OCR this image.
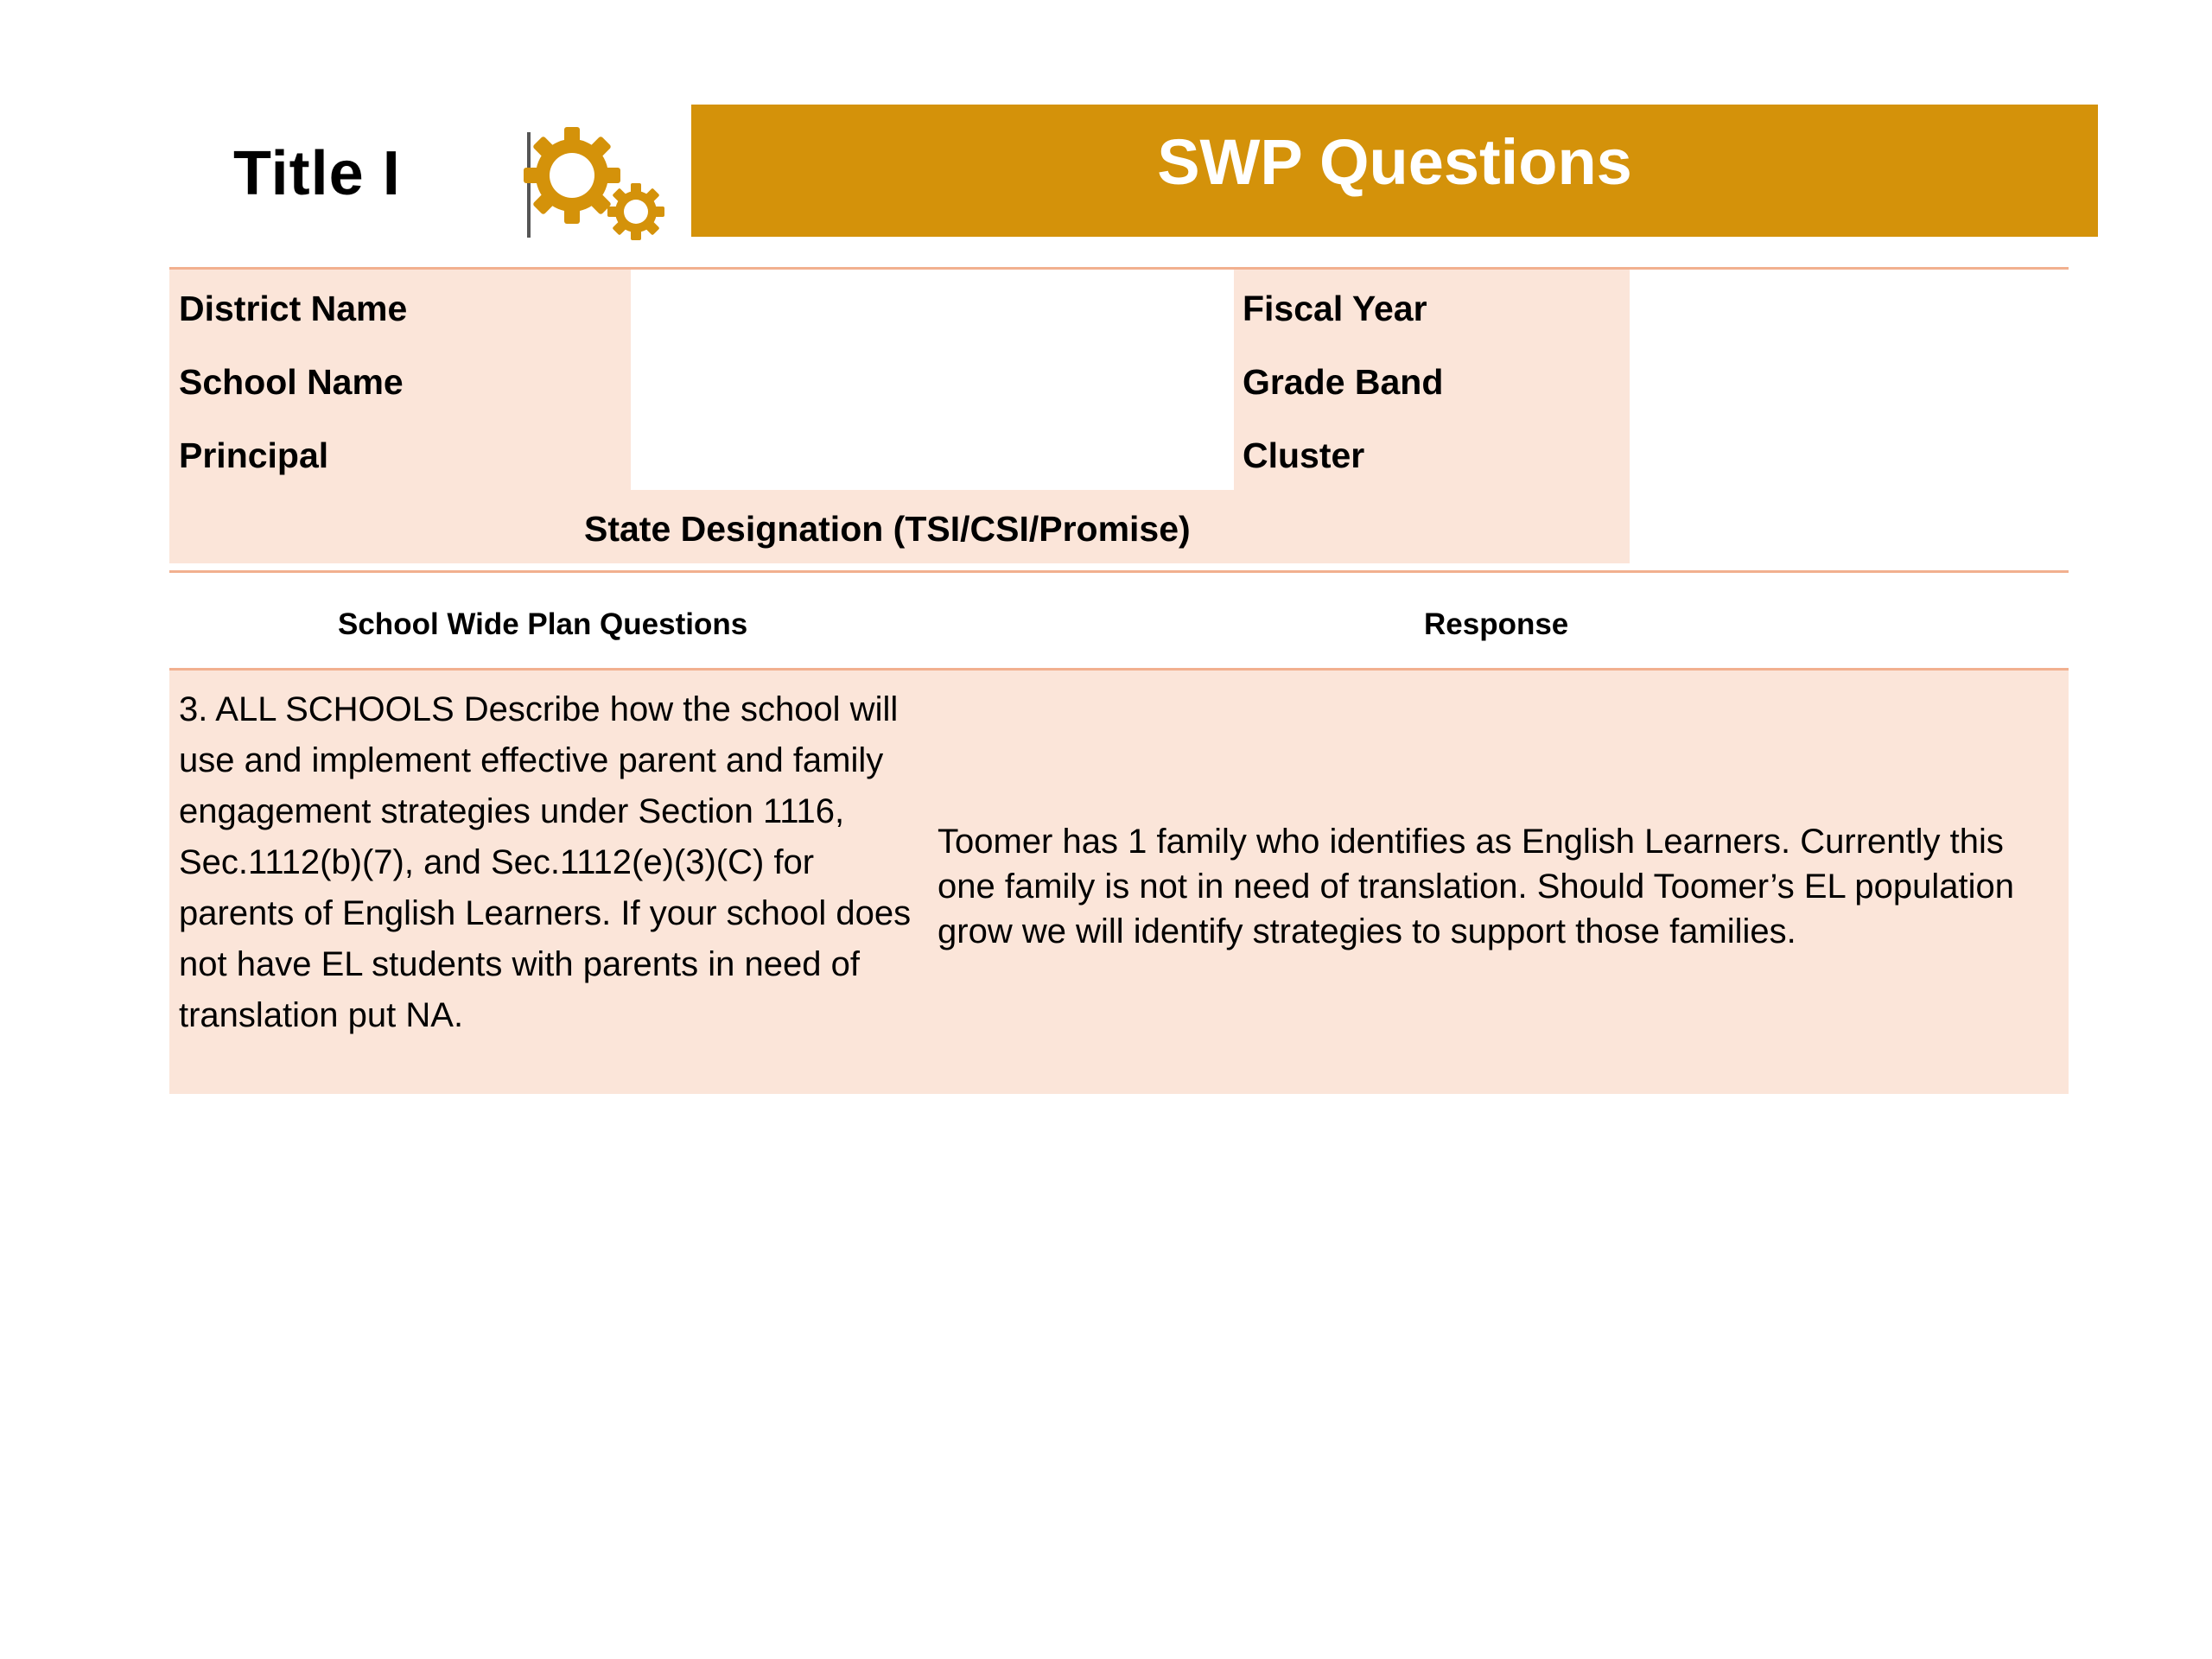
Title I	SWP Questions
District Name
School Name
Principal
Fiscal Year
Grade Band
Cluster
State Designation (TSI/CSI/Promise)
School Wide Plan Questions	Response
3. ALL SCHOOLS Describe how the school will use and implement effective parent and family engagement strategies under Section 1116, Sec.1112(b)(7), and Sec.1112(e)(3)(C) for parents of English Learners. If your school does not have EL students with parents in need of translation put NA.
Toomer has 1 family who identifies as English Learners. Currently this one family is not in need of translation. Should Toomer’s EL population grow we will identify strategies to support those families.
